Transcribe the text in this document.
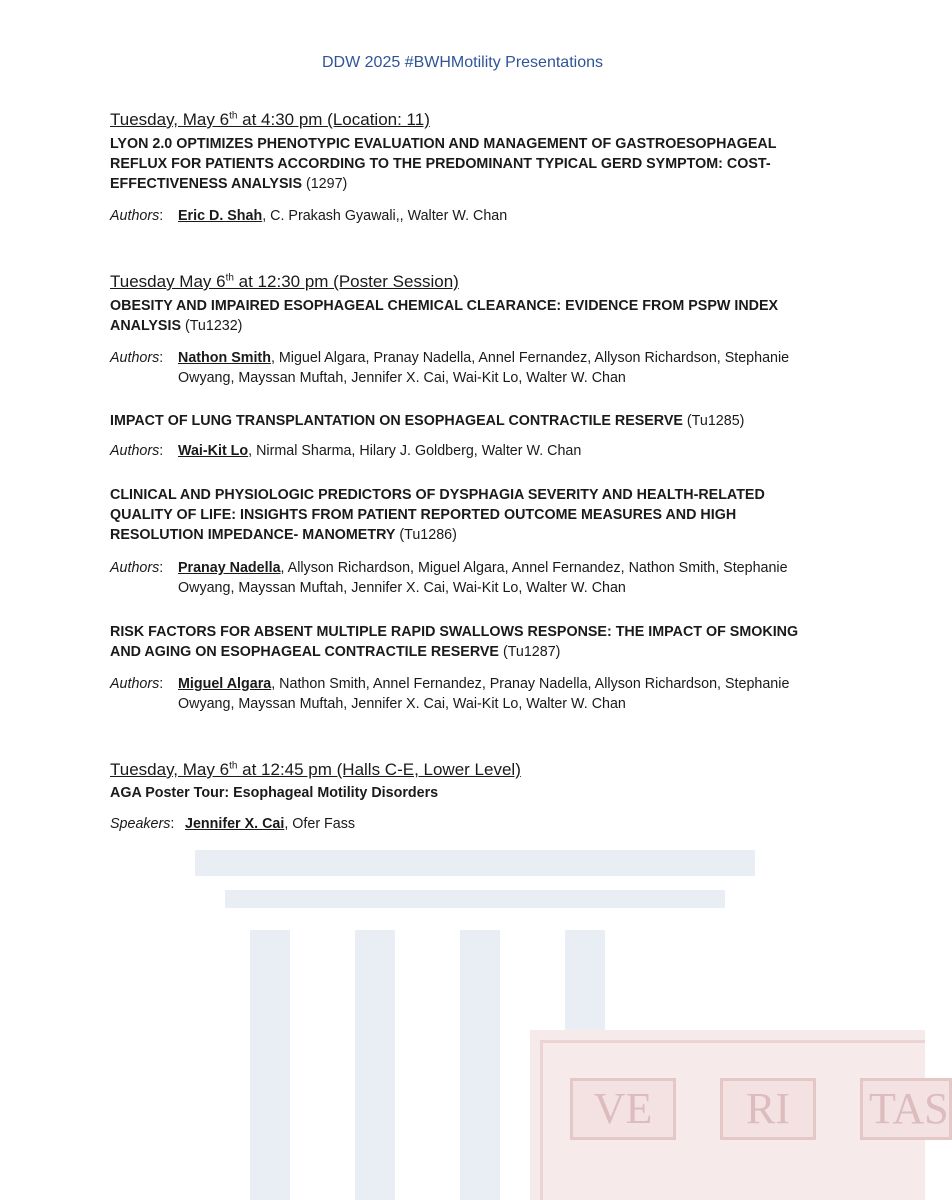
VE	RI	TAS
DDW 2025 #BWHMotility Presentations
Tuesday, May 6th at 4:30 pm (Location: 11)
LYON 2.0 OPTIMIZES PHENOTYPIC EVALUATION AND MANAGEMENT OF GASTROESOPHAGEAL REFLUX FOR PATIENTS ACCORDING TO THE PREDOMINANT TYPICAL GERD SYMPTOM: COST-EFFECTIVENESS ANALYSIS (1297)
Authors: Eric D. Shah, C. Prakash Gyawali,, Walter W. Chan
Tuesday May 6th at 12:30 pm (Poster Session)
OBESITY AND IMPAIRED ESOPHAGEAL CHEMICAL CLEARANCE: EVIDENCE FROM PSPW INDEX ANALYSIS (Tu1232)
Authors: Nathon Smith, Miguel Algara, Pranay Nadella, Annel Fernandez, Allyson Richardson, Stephanie Owyang, Mayssan Muftah, Jennifer X. Cai, Wai-Kit Lo, Walter W. Chan
IMPACT OF LUNG TRANSPLANTATION ON ESOPHAGEAL CONTRACTILE RESERVE (Tu1285)
Authors: Wai-Kit Lo, Nirmal Sharma, Hilary J. Goldberg, Walter W. Chan
CLINICAL AND PHYSIOLOGIC PREDICTORS OF DYSPHAGIA SEVERITY AND HEALTH-RELATED QUALITY OF LIFE: INSIGHTS FROM PATIENT REPORTED OUTCOME MEASURES AND HIGH RESOLUTION IMPEDANCE- MANOMETRY (Tu1286)
Authors: Pranay Nadella, Allyson Richardson, Miguel Algara, Annel Fernandez, Nathon Smith, Stephanie Owyang, Mayssan Muftah, Jennifer X. Cai, Wai-Kit Lo, Walter W. Chan
RISK FACTORS FOR ABSENT MULTIPLE RAPID SWALLOWS RESPONSE: THE IMPACT OF SMOKING AND AGING ON ESOPHAGEAL CONTRACTILE RESERVE (Tu1287)
Authors: Miguel Algara, Nathon Smith, Annel Fernandez, Pranay Nadella, Allyson Richardson, Stephanie Owyang, Mayssan Muftah, Jennifer X. Cai, Wai-Kit Lo, Walter W. Chan
Tuesday, May 6th at 12:45 pm (Halls C-E, Lower Level)
AGA Poster Tour: Esophageal Motility Disorders
Speakers: Jennifer X. Cai, Ofer Fass
